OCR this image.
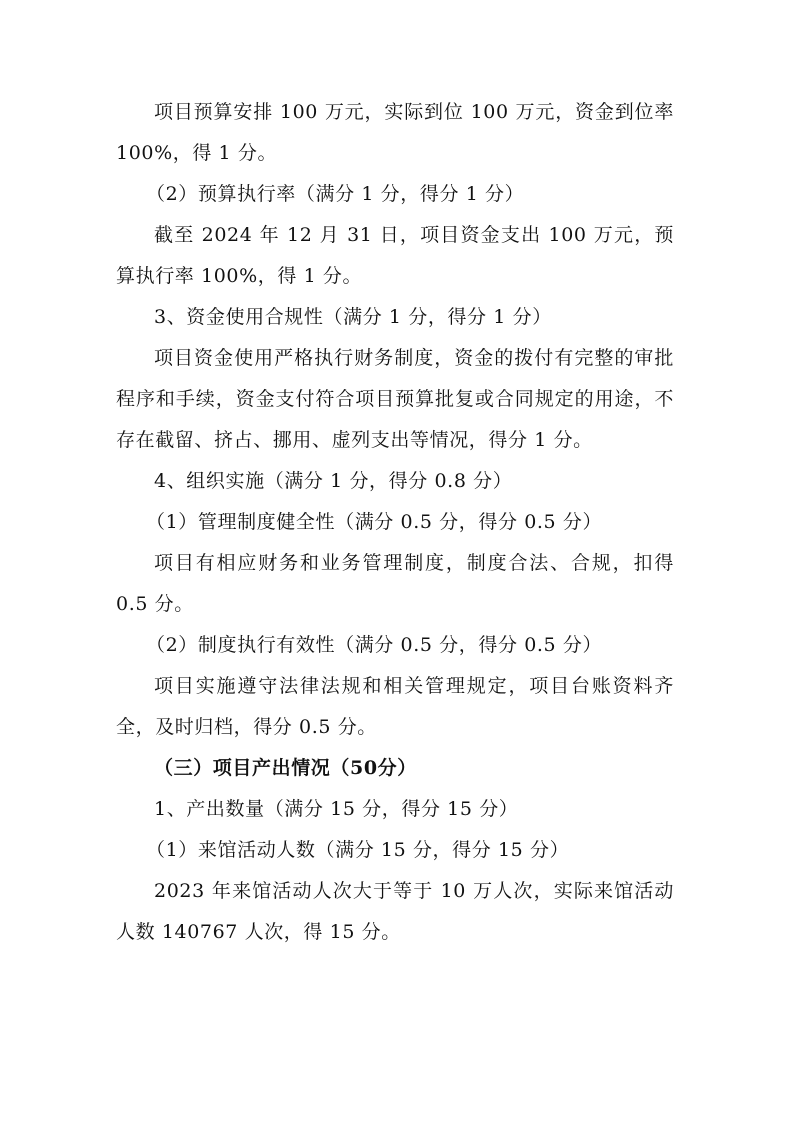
项目预算安排 100 万元，实际到位 100 万元，资金到位率 100%，得 1 分。

（2）预算执行率（满分 1 分，得分 1 分）

截至 2024 年 12 月 31 日，项目资金支出 100 万元，预算执行率 100%，得 1 分。

3、资金使用合规性（满分 1 分，得分 1 分）

项目资金使用严格执行财务制度，资金的拨付有完整的审批程序和手续，资金支付符合项目预算批复或合同规定的用途，不存在截留、挤占、挪用、虚列支出等情况，得分 1 分。

4、组织实施（满分 1 分，得分 0.8 分）

（1）管理制度健全性（满分 0.5 分，得分 0.5 分）

项目有相应财务和业务管理制度，制度合法、合规，扣得 0.5 分。

（2）制度执行有效性（满分 0.5 分，得分 0.5 分）

项目实施遵守法律法规和相关管理规定，项目台账资料齐全，及时归档，得分 0.5 分。

（三）项目产出情况（50分）

1、产出数量（满分 15 分，得分 15 分）

（1）来馆活动人数（满分 15 分，得分 15 分）

2023 年来馆活动人次大于等于 10 万人次，实际来馆活动人数 140767 人次，得 15 分。
